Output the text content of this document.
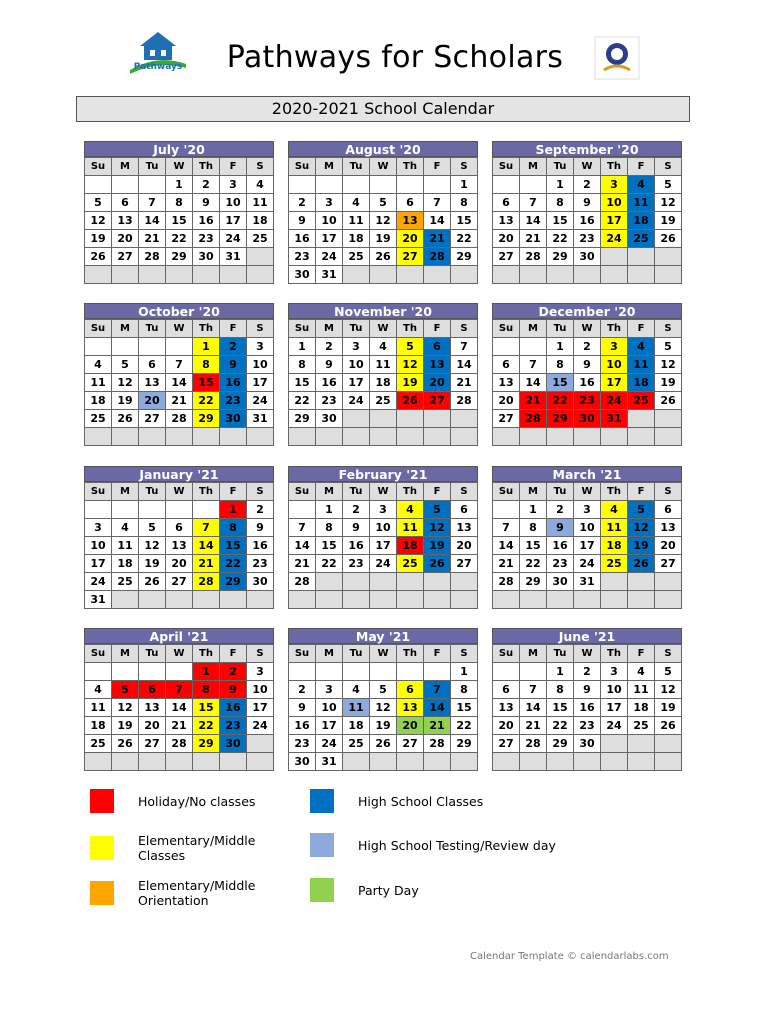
Pathways	Pathways for Scholars
2020-2021 School Calendar
July '20
Su	M	Tu	W	Th	F	S
			1	2	3	4
5	6	7	8	9	10	11
12	13	14	15	16	17	18
19	20	21	22	23	24	25
26	27	28	29	30	31	

August '20
Su	M	Tu	W	Th	F	S
						1
2	3	4	5	6	7	8
9	10	11	12	13	14	15
16	17	18	19	20	21	22
23	24	25	26	27	28	29
30	31					
September '20
Su	M	Tu	W	Th	F	S
		1	2	3	4	5
6	7	8	9	10	11	12
13	14	15	16	17	18	19
20	21	22	23	24	25	26
27	28	29	30			

October '20
Su	M	Tu	W	Th	F	S
				1	2	3
4	5	6	7	8	9	10
11	12	13	14	15	16	17
18	19	20	21	22	23	24
25	26	27	28	29	30	31

November '20
Su	M	Tu	W	Th	F	S
1	2	3	4	5	6	7
8	9	10	11	12	13	14
15	16	17	18	19	20	21
22	23	24	25	26	27	28
29	30					

December '20
Su	M	Tu	W	Th	F	S
		1	2	3	4	5
6	7	8	9	10	11	12
13	14	15	16	17	18	19
20	21	22	23	24	25	26
27	28	29	30	31		

January '21
Su	M	Tu	W	Th	F	S
					1	2
3	4	5	6	7	8	9
10	11	12	13	14	15	16
17	18	19	20	21	22	23
24	25	26	27	28	29	30
31						
February '21
Su	M	Tu	W	Th	F	S
	1	2	3	4	5	6
7	8	9	10	11	12	13
14	15	16	17	18	19	20
21	22	23	24	25	26	27
28						

March '21
Su	M	Tu	W	Th	F	S
	1	2	3	4	5	6
7	8	9	10	11	12	13
14	15	16	17	18	19	20
21	22	23	24	25	26	27
28	29	30	31			

April '21
Su	M	Tu	W	Th	F	S
				1	2	3
4	5	6	7	8	9	10
11	12	13	14	15	16	17
18	19	20	21	22	23	24
25	26	27	28	29	30	

May '21
Su	M	Tu	W	Th	F	S
						1
2	3	4	5	6	7	8
9	10	11	12	13	14	15
16	17	18	19	20	21	22
23	24	25	26	27	28	29
30	31					
June '21
Su	M	Tu	W	Th	F	S
		1	2	3	4	5
6	7	8	9	10	11	12
13	14	15	16	17	18	19
20	21	22	23	24	25	26
27	28	29	30			

Holiday/No classes	High School Classes
Elementary/Middle Classes
High School Testing/Review day
Elementary/Middle Orientation
Party Day
Calendar Template © calendarlabs.com
